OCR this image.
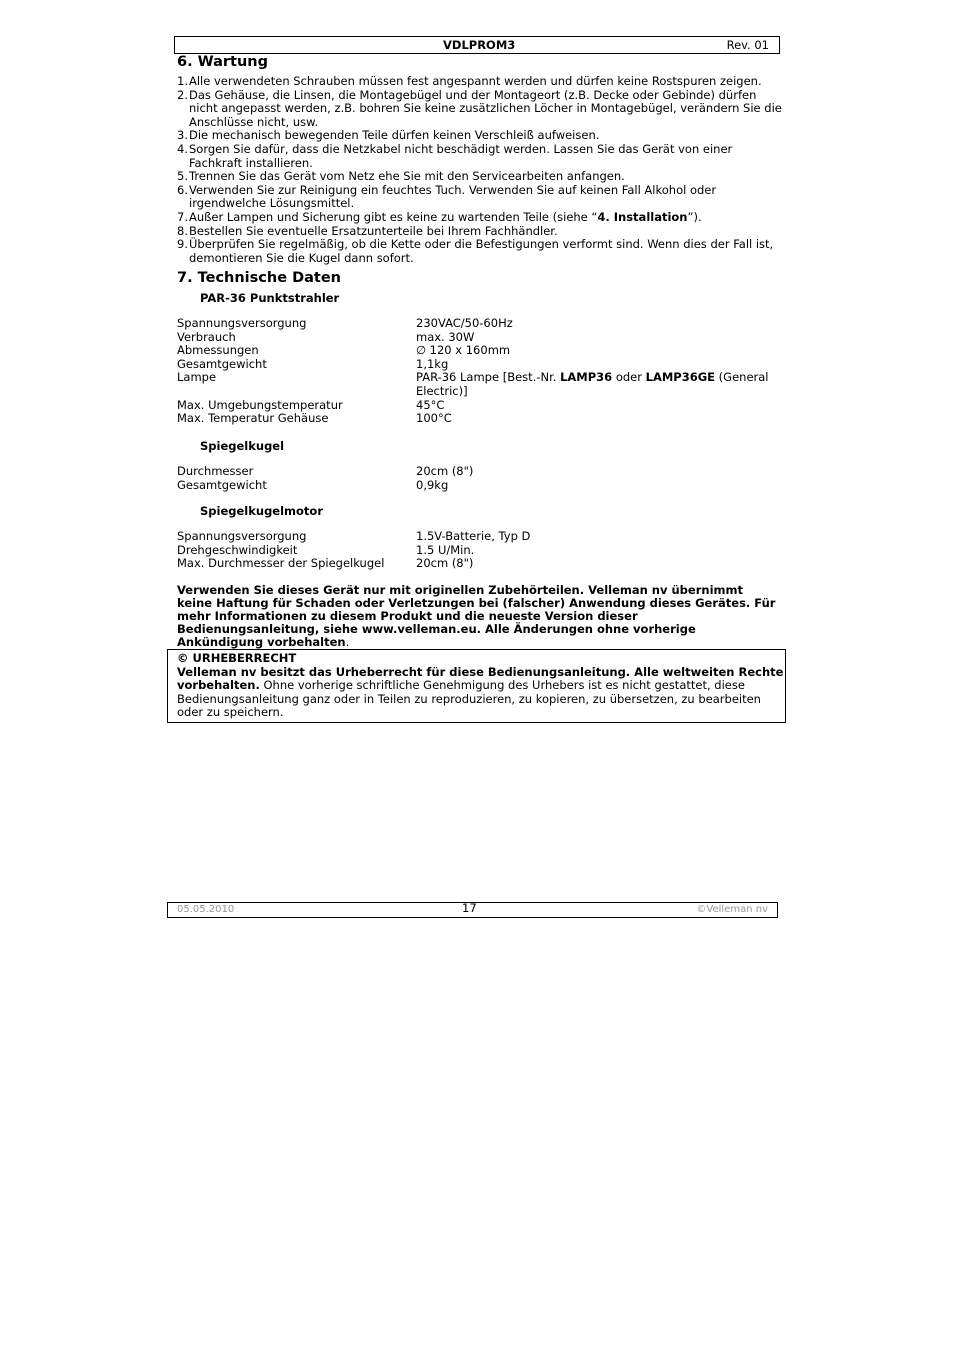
VDLPROM3	Rev. 01
6. Wartung
1. Alle verwendeten Schrauben müssen fest angespannt werden und dürfen keine Rostspuren zeigen.
2. Das Gehäuse, die Linsen, die Montagebügel und der Montageort (z.B. Decke oder Gebinde) dürfen nicht angepasst werden, z.B. bohren Sie keine zusätzlichen Löcher in Montagebügel, verändern Sie die Anschlüsse nicht, usw.
3. Die mechanisch bewegenden Teile dürfen keinen Verschleiß aufweisen.
4. Sorgen Sie dafür, dass die Netzkabel nicht beschädigt werden. Lassen Sie das Gerät von einer Fachkraft installieren.
5. Trennen Sie das Gerät vom Netz ehe Sie mit den Servicearbeiten anfangen.
6. Verwenden Sie zur Reinigung ein feuchtes Tuch. Verwenden Sie auf keinen Fall Alkohol oder irgendwelche Lösungsmittel.
7. Außer Lampen und Sicherung gibt es keine zu wartenden Teile (siehe “4. Installation”).
8. Bestellen Sie eventuelle Ersatzunterteile bei Ihrem Fachhändler.
9. Überprüfen Sie regelmäßig, ob die Kette oder die Befestigungen verformt sind. Wenn dies der Fall ist, demontieren Sie die Kugel dann sofort.
7. Technische Daten
PAR-36 Punktstrahler
Spannungsversorgung	230VAC/50-60Hz
Verbrauch	max. 30W
Abmessungen	∅ 120 x 160mm
Gesamtgewicht	1,1kg
Lampe	PAR-36 Lampe [Best.-Nr. LAMP36 oder LAMP36GE (General Electric)]
Max. Umgebungstemperatur	45°C
Max. Temperatur Gehäuse	100°C
Spiegelkugel
Durchmesser	20cm (8")
Gesamtgewicht	0,9kg
Spiegelkugelmotor
Spannungsversorgung	1.5V-Batterie, Typ D
Drehgeschwindigkeit	1.5 U/Min.
Max. Durchmesser der Spiegelkugel	20cm (8")
Verwenden Sie dieses Gerät nur mit originellen Zubehörteilen. Velleman nv übernimmt keine Haftung für Schaden oder Verletzungen bei (falscher) Anwendung dieses Gerätes. Für mehr Informationen zu diesem Produkt und die neueste Version dieser Bedienungsanleitung, siehe www.velleman.eu. Alle Änderungen ohne vorherige Ankündigung vorbehalten.
© URHEBERRECHT
Velleman nv besitzt das Urheberrecht für diese Bedienungsanleitung. Alle weltweiten Rechte vorbehalten. Ohne vorherige schriftliche Genehmigung des Urhebers ist es nicht gestattet, diese Bedienungsanleitung ganz oder in Teilen zu reproduzieren, zu kopieren, zu übersetzen, zu bearbeiten oder zu speichern.
05.05.2010	17	©Velleman nv
